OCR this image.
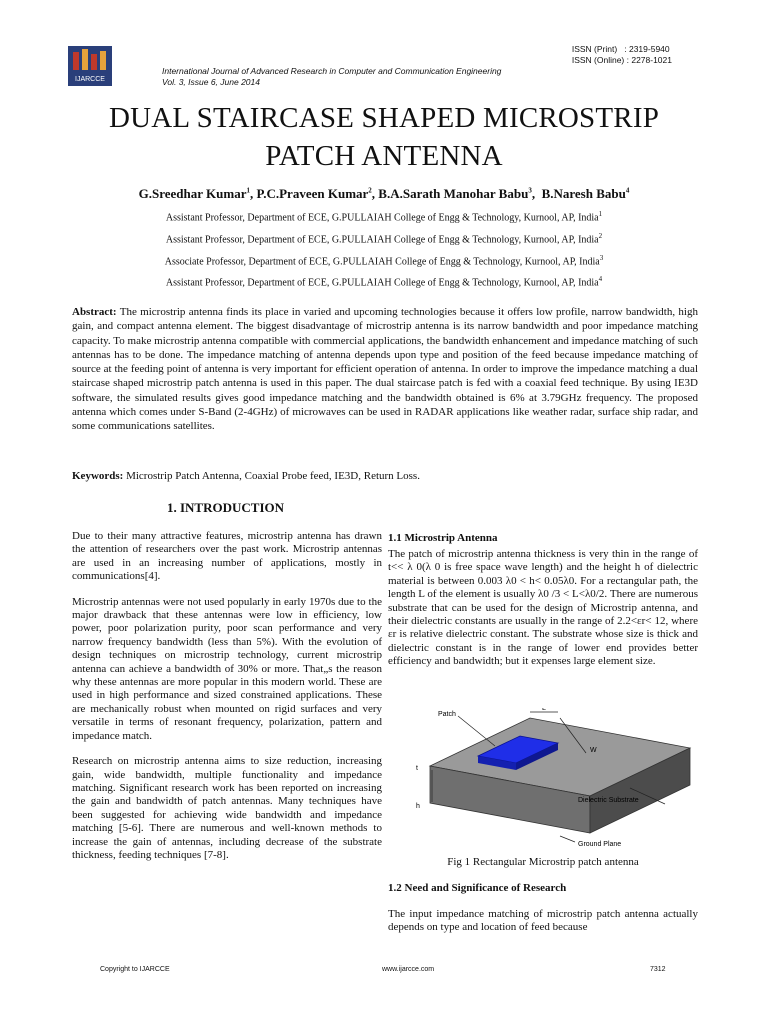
IJARCCE
ISSN (Print)   : 2319-5940
ISSN (Online) : 2278-1021
International Journal of Advanced Research in Computer and Communication Engineering
Vol. 3, Issue 6, June 2014
DUAL STAIRCASE SHAPED MICROSTRIP
PATCH ANTENNA
G.Sreedhar Kumar$^1$, P.C.Praveen Kumar$^2$, B.A.Sarath Manohar Babu$^3$,  B.Naresh Babu$^4$
Assistant Professor, Department of ECE, G.PULLAIAH College of Engg & Technology, Kurnool, AP, India$^1$
Assistant Professor, Department of ECE, G.PULLAIAH College of Engg & Technology, Kurnool, AP, India$^2$
Associate Professor, Department of ECE, G.PULLAIAH College of Engg & Technology, Kurnool, AP, India$^3$
Assistant Professor, Department of ECE, G.PULLAIAH College of Engg & Technology, Kurnool, AP, India$^4$

Abstract: The microstrip antenna finds its place in varied and upcoming technologies because it offers low profile, narrow bandwidth, high gain, and compact antenna element. The biggest disadvantage of microstrip antenna is its narrow bandwidth and poor impedance matching capacity. To make microstrip antenna compatible with commercial applications, the bandwidth enhancement and impedance matching of such antennas has to be done. The impedance matching of antenna depends upon type and position of the feed because impedance matching of source at the feeding point of antenna is very important for efficient operation of antenna. In order to improve the impedance matching a dual staircase shaped microstrip patch antenna is used in this paper. The dual staircase patch is fed with a coaxial feed technique. By using IE3D software, the simulated results gives good impedance matching and the bandwidth obtained is 6% at 3.79GHz frequency. The proposed antenna which comes under S-Band (2-4GHz) of microwaves can be used in RADAR applications like weather radar, surface ship radar, and some communications satellites.

Keywords: Microstrip Patch Antenna, Coaxial Probe feed, IE3D, Return Loss.

1. INTRODUCTION

Due to their many attractive features, microstrip antenna has drawn the attention of researchers over the past work. Microstrip antennas are used in an increasing number of applications, mostly in communications[4].

Microstrip antennas were not used popularly in early 1970s due to the major drawback that these antennas were low in efficiency, low power, poor polarization purity, poor scan performance and very narrow frequency bandwidth (less than 5%). With the evolution of design techniques on microstrip technology, current microstrip antenna can achieve a bandwidth of 30% or more. That„s the reason why these antennas are more popular in this modern world. These are used in high performance and sized constrained applications. These are mechanically robust when mounted on rigid surfaces and very versatile in terms of resonant frequency, polarization, pattern and impedance match.

Research on microstrip antenna aims to size reduction, increasing gain, wide bandwidth, multiple functionality and impedance matching. Significant research work has been reported on increasing the gain and bandwidth of patch antennas. Many techniques have been suggested for achieving wide bandwidth and impedance matching [5-6]. There are numerous and well-known methods to increase the gain of antennas, including decrease of the substrate thickness, feeding techniques [7-8].

1.1 Microstrip Antenna
The patch of microstrip antenna thickness is very thin in the range of t<< λ 0(λ 0 is free space wave length) and the height h of dielectric material is between 0.003 λ0 < h< 0.05λ0. For a rectangular path, the length L of the element is usually λ0 /3 < L<λ0/2. There are numerous substrate that can be used for the design of Microstrip antenna, and their dielectric constants are usually in the range of 2.2<εr< 12, where εr is relative dielectric constant. The substrate whose size is thick and dielectric constant is in the range of lower end provides better efficiency and bandwidth; but it expenses large element size.
Patch
L
W
t
h
Dielectric Substrate
Ground Plane
Fig 1 Rectangular Microstrip patch antenna
1.2 Need and Significance of Research
The input impedance matching of microstrip patch antenna actually depends on type and location of feed because
Copyright to IJARCCE	www.ijarcce.com	7312
